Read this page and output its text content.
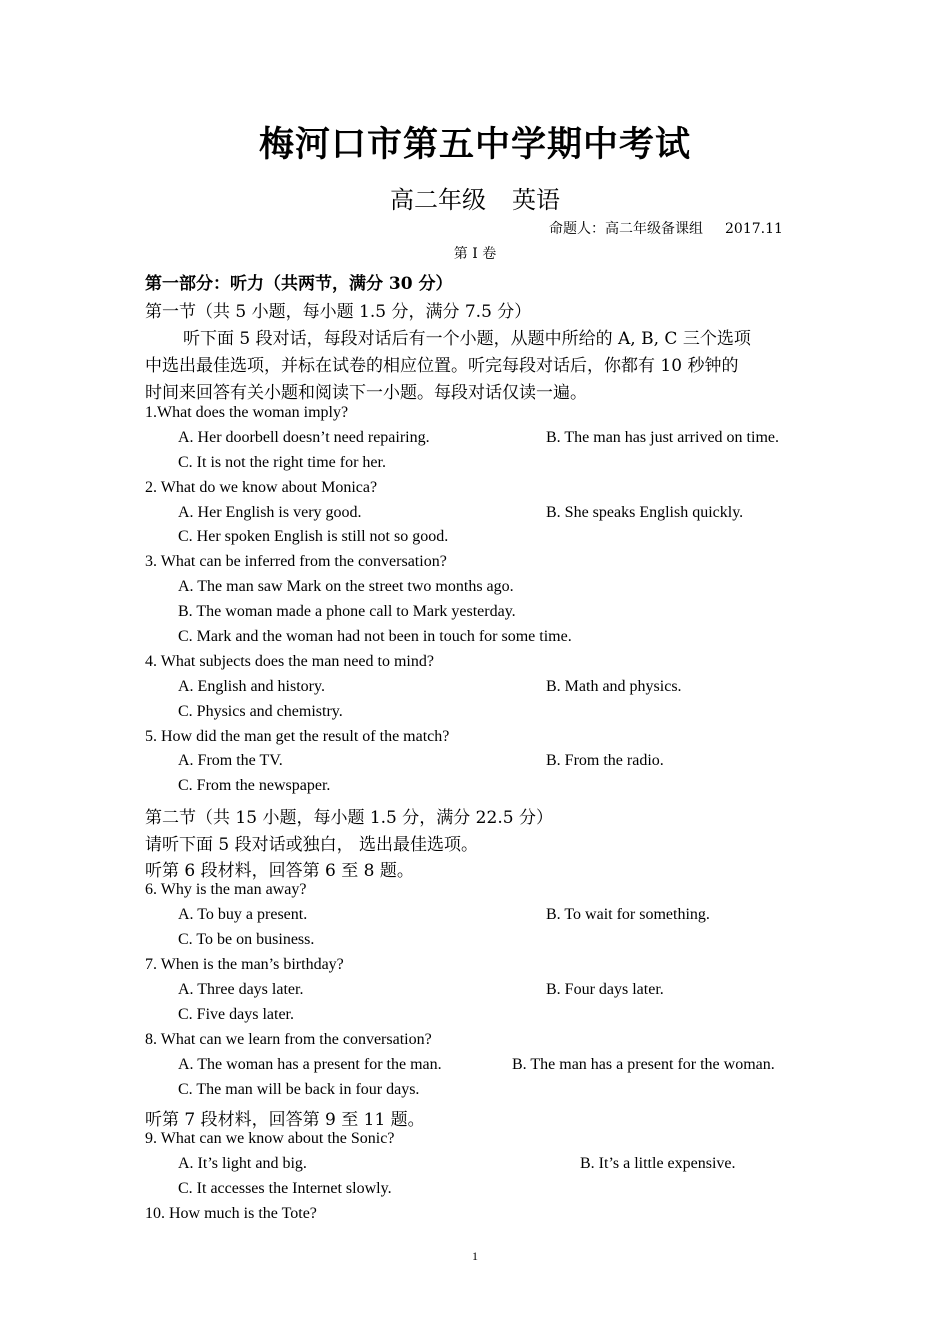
梅河口市第五中学期中考试
高二年级 英语
命题人：高二年级备课组 2017.11
第 I 卷
第一部分：听力（共两节，满分 30 分）
第一节（共 5 小题，每小题 1.5 分，满分 7.5 分）
听下面 5 段对话，每段对话后有一个小题，从题中所给的 A, B, C 三个选项
中选出最佳选项，并标在试卷的相应位置。听完每段对话后，你都有 10 秒钟的
时间来回答有关小题和阅读下一小题。每段对话仅读一遍。
1.What does the woman imply?
A. Her doorbell doesn’t need repairing.	B. The man has just arrived on time.
C. It is not the right time for her.
2. What do we know about Monica?
A. Her English is very good.	B. She speaks English quickly.
C. Her spoken English is still not so good.
3. What can be inferred from the conversation?
A. The man saw Mark on the street two months ago.
B. The woman made a phone call to Mark yesterday.
C. Mark and the woman had not been in touch for some time.
4. What subjects does the man need to mind?
A. English and history.	B. Math and physics.
C. Physics and chemistry.
5. How did the man get the result of the match?
A. From the TV.	B. From the radio.
C. From the newspaper.
第二节（共 15 小题，每小题 1.5 分，满分 22.5 分）
请听下面 5 段对话或独白， 选出最佳选项。
听第 6 段材料，回答第 6 至 8 题。
6. Why is the man away?
A. To buy a present.	B. To wait for something.
C. To be on business.
7. When is the man’s birthday?
A. Three days later.	B. Four days later.
C. Five days later.
8. What can we learn from the conversation?
A. The woman has a present for the man.	B. The man has a present for the woman.
C. The man will be back in four days.
听第 7 段材料，回答第 9 至 11 题。
9. What can we know about the Sonic?
A. It’s light and big.	B. It’s a little expensive.
C. It accesses the Internet slowly.
10. How much is the Tote?
1
